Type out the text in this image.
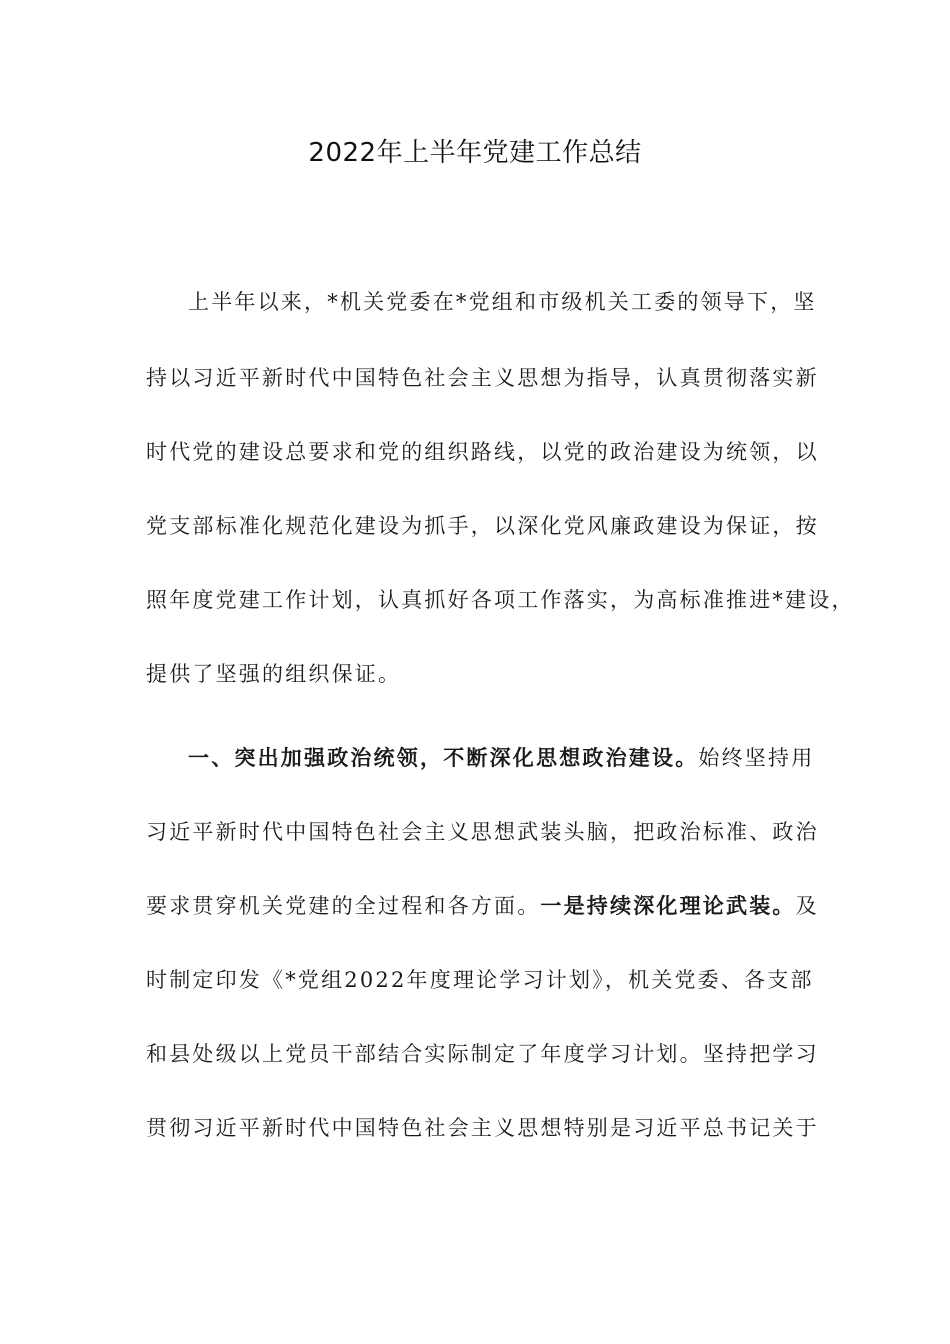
2022年上半年党建工作总结
上半年以来，*机关党委在*党组和市级机关工委的领导下，坚
持以习近平新时代中国特色社会主义思想为指导，认真贯彻落实新
时代党的建设总要求和党的组织路线，以党的政治建设为统领，以
党支部标准化规范化建设为抓手，以深化党风廉政建设为保证，按
照年度党建工作计划，认真抓好各项工作落实，为高标准推进*建设，
提供了坚强的组织保证。
一、突出加强政治统领，不断深化思想政治建设。始终坚持用
习近平新时代中国特色社会主义思想武装头脑，把政治标准、政治
要求贯穿机关党建的全过程和各方面。一是持续深化理论武装。及
时制定印发《*党组2022年度理论学习计划》，机关党委、各支部
和县处级以上党员干部结合实际制定了年度学习计划。坚持把学习
贯彻习近平新时代中国特色社会主义思想特别是习近平总书记关于
